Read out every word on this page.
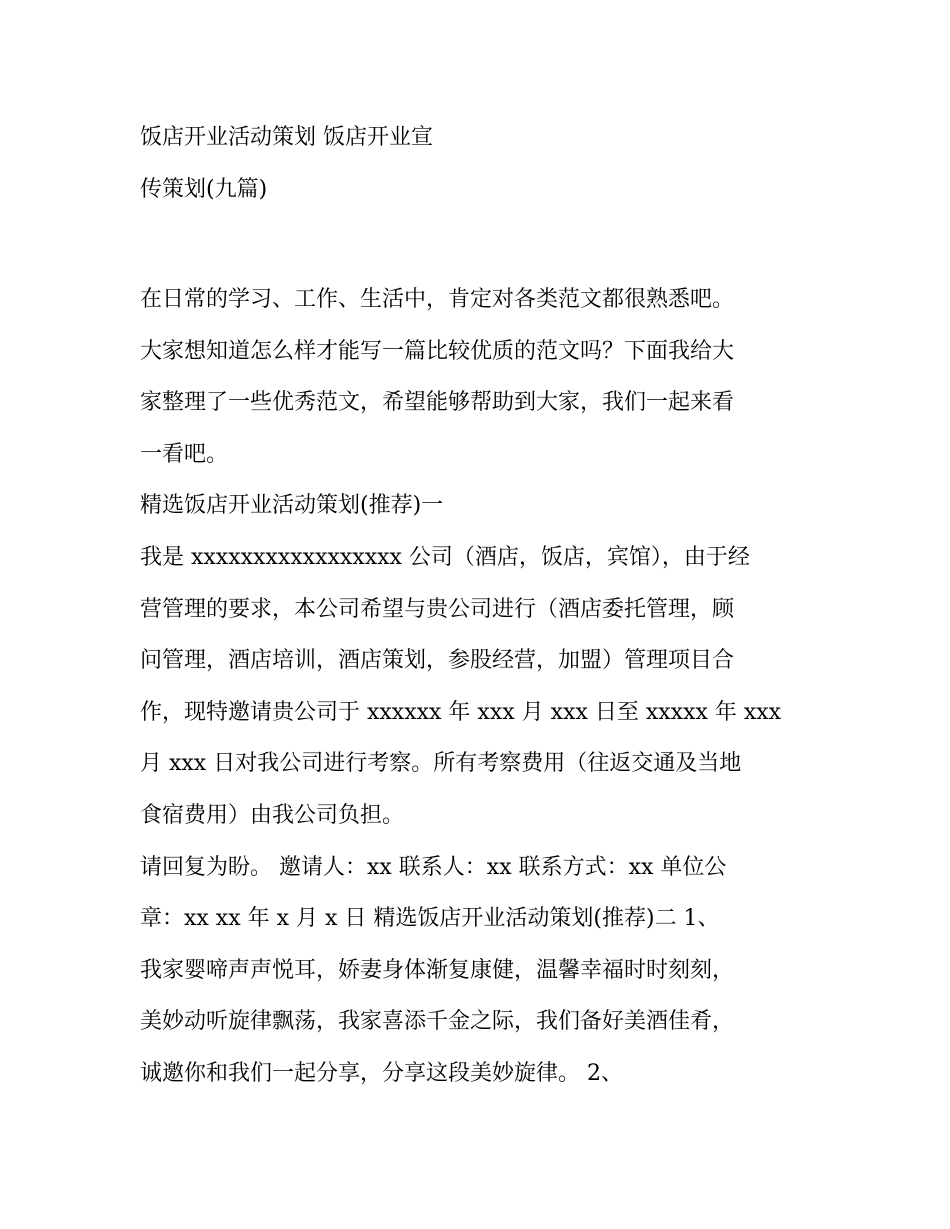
饭店开业活动策划 饭店开业宣
传策划(九篇)
在日常的学习、工作、生活中，肯定对各类范文都很熟悉吧。
大家想知道怎么样才能写一篇比较优质的范文吗？下面我给大
家整理了一些优秀范文，希望能够帮助到大家，我们一起来看
一看吧。
精选饭店开业活动策划(推荐)一
我是 xxxxxxxxxxxxxxxxx 公司（酒店，饭店，宾馆），由于经
营管理的要求，本公司希望与贵公司进行（酒店委托管理，顾
问管理，酒店培训，酒店策划，参股经营，加盟）管理项目合
作，现特邀请贵公司于 xxxxxx 年 xxx 月 xxx 日至 xxxxx 年 xxx
月 xxx 日对我公司进行考察。所有考察费用（往返交通及当地
食宿费用）由我公司负担。
请回复为盼。 邀请人：xx 联系人：xx 联系方式：xx 单位公
章：xx xx 年 x 月 x 日 精选饭店开业活动策划(推荐)二 1、
我家婴啼声声悦耳，娇妻身体渐复康健，温馨幸福时时刻刻，
美妙动听旋律飘荡，我家喜添千金之际，我们备好美酒佳肴，
诚邀你和我们一起分享，分享这段美妙旋律。 2、
